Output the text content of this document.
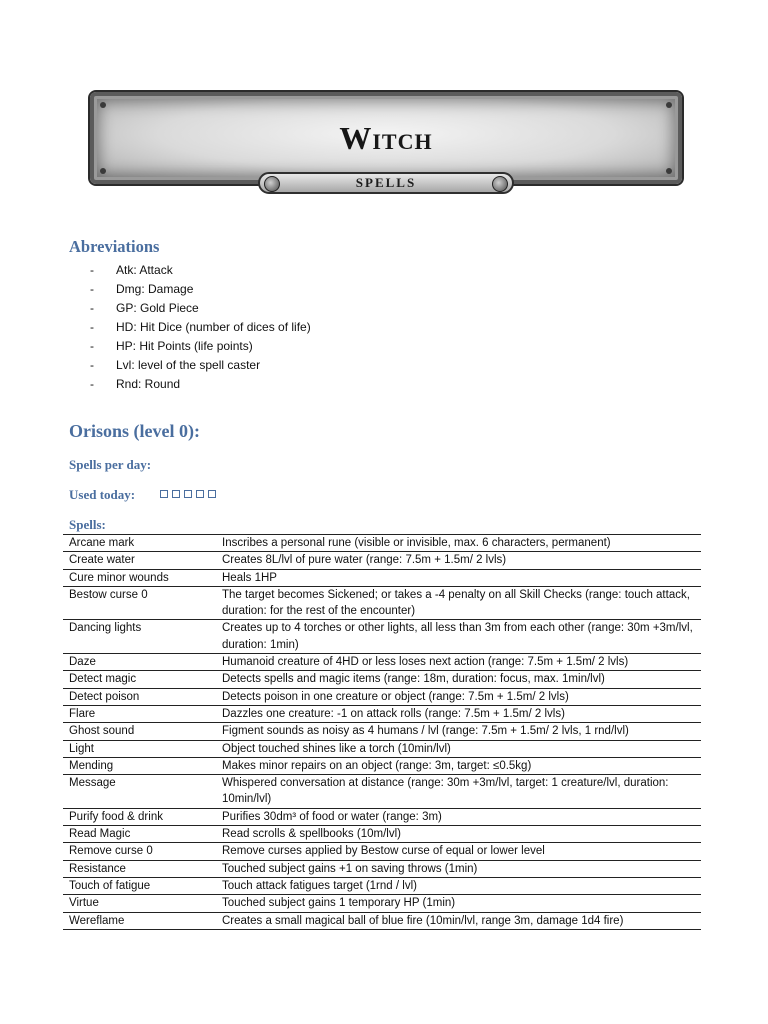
Witch
SPELLS
Abreviations
-	Atk: Attack
-	Dmg: Damage
-	GP: Gold Piece
-	HD: Hit Dice (number of dices of life)
-	HP: Hit Points (life points)
-	Lvl: level of the spell caster
-	Rnd: Round
Orisons (level 0):

Spells per day:

Used today:

Spells:

Arcane mark	Inscribes a personal rune (visible or invisible, max. 6 characters, permanent)
Create water	Creates 8L/lvl of pure water (range: 7.5m + 1.5m/ 2 lvls)
Cure minor wounds	Heals 1HP
Bestow curse 0	The target becomes Sickened; or takes a -4 penalty on all Skill Checks (range: touch attack, duration: for the rest of the encounter)
Dancing lights	Creates up to 4 torches or other lights, all less than 3m from each other (range: 30m +3m/lvl, duration: 1min)
Daze	Humanoid creature of 4HD or less loses next action (range: 7.5m + 1.5m/ 2 lvls)
Detect magic	Detects spells and magic items (range: 18m, duration: focus, max. 1min/lvl)
Detect poison	Detects poison in one creature or object (range: 7.5m + 1.5m/ 2 lvls)
Flare	Dazzles one creature: -1 on attack rolls (range: 7.5m + 1.5m/ 2 lvls)
Ghost sound	Figment sounds as noisy as 4 humans / lvl (range: 7.5m + 1.5m/ 2 lvls, 1 rnd/lvl)
Light	Object touched shines like a torch (10min/lvl)
Mending	Makes minor repairs on an object (range: 3m, target: ≤0.5kg)
Message	Whispered conversation at distance (range: 30m +3m/lvl, target: 1 creature/lvl, duration: 10min/lvl)
Purify food & drink	Purifies 30dm³ of food or water (range: 3m)
Read Magic	Read scrolls & spellbooks (10m/lvl)
Remove curse 0	Remove curses applied by Bestow curse of equal or lower level
Resistance	Touched subject gains +1 on saving throws (1min)
Touch of fatigue	Touch attack fatigues target (1rnd / lvl)
Virtue	Touched subject gains 1 temporary HP (1min)
Wereflame	Creates a small magical ball of blue fire (10min/lvl, range 3m, damage 1d4 fire)
